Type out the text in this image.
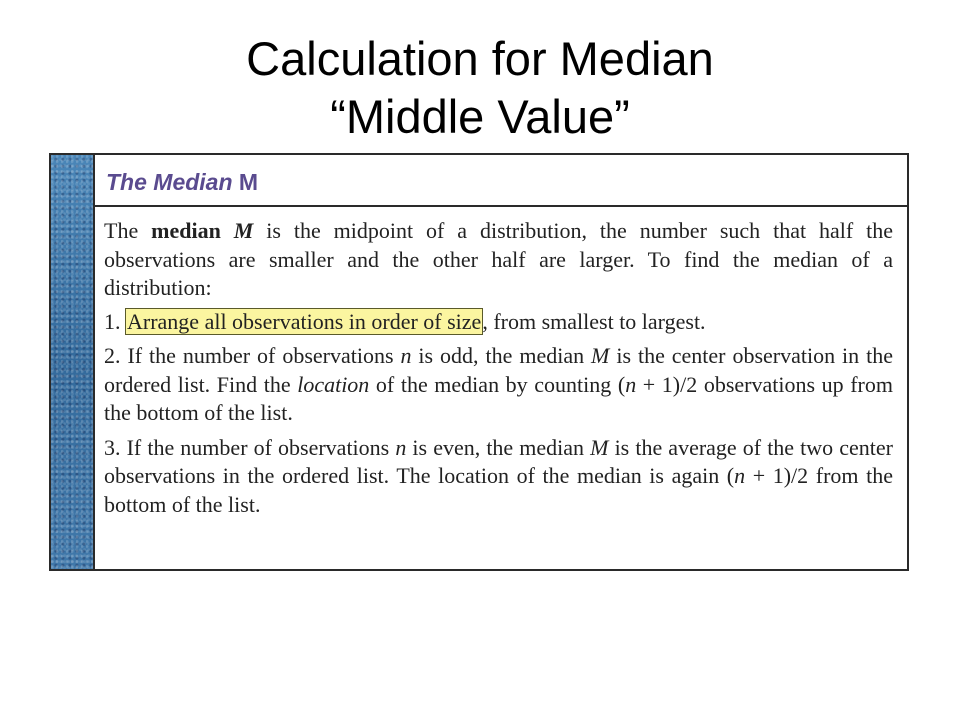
Calculation for Median
“Middle Value”
The Median M

The median M is the midpoint of a distribution, the number such that half the observations are smaller and the other half are larger. To find the median of a distribution:

1. Arrange all observations in order of size, from smallest to largest.

2. If the number of observations n is odd, the median M is the center observation in the ordered list. Find the location of the median by counting (n + 1)/2 observations up from the bottom of the list.

3. If the number of observations n is even, the median M is the average of the two center observations in the ordered list. The location of the median is again (n + 1)/2 from the bottom of the list.
